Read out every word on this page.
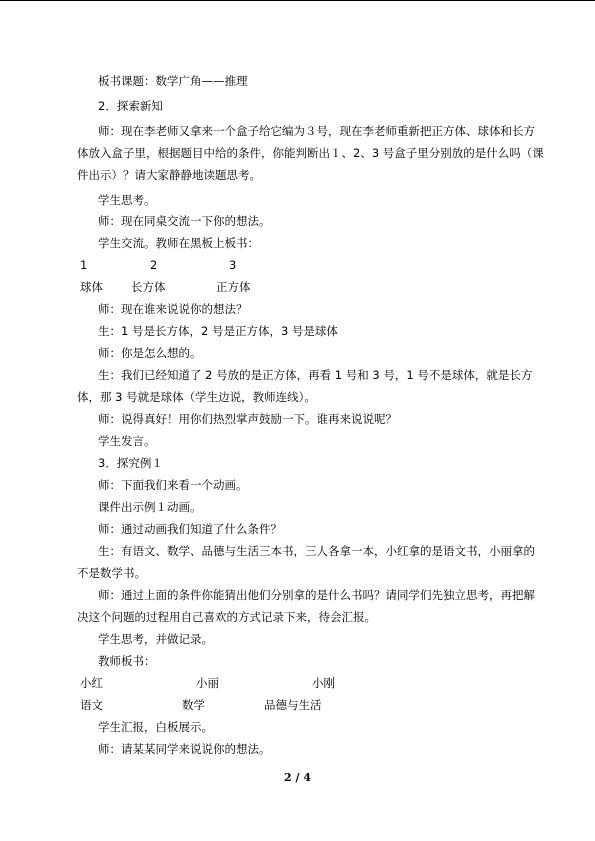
板书课题：数学广角——推理
2．探索新知
师：现在李老师又拿来一个盒子给它编为３号，现在李老师重新把正方体、球体和长方
体放入盒子里，根据题目中给的条件，你能判断出１、2、3 号盒子里分别放的是什么吗（课
件出示）？请大家静静地读题思考。
学生思考。
师：现在同桌交流一下你的想法。
学生交流。教师在黑板上板书：
1	2	3
球体 长方体	正方体
师：现在谁来说说你的想法？
生：1 号是长方体，2 号是正方体，3 号是球体
师：你是怎么想的。
生：我们已经知道了 2 号放的是正方体，再看 1 号和 3 号，1 号不是球体，就是长方
体，那 3 号就是球体（学生边说，教师连线）。
师：说得真好！用你们热烈掌声鼓励一下。谁再来说说呢？
学生发言。
3．探究例１
师：下面我们来看一个动画。
课件出示例１动画。
师：通过动画我们知道了什么条件？
生：有语文、数学、品德与生活三本书，三人各拿一本，小红拿的是语文书，小丽拿的
不是数学书。
师：通过上面的条件你能猜出他们分别拿的是什么书吗？请同学们先独立思考，再把解
决这个问题的过程用自己喜欢的方式记录下来，待会汇报。
学生思考，并做记录。
教师板书：
小红	小丽	小刚
语文	数学	品德与生活
学生汇报，白板展示。
师：请某某同学来说说你的想法。
2 / 4
